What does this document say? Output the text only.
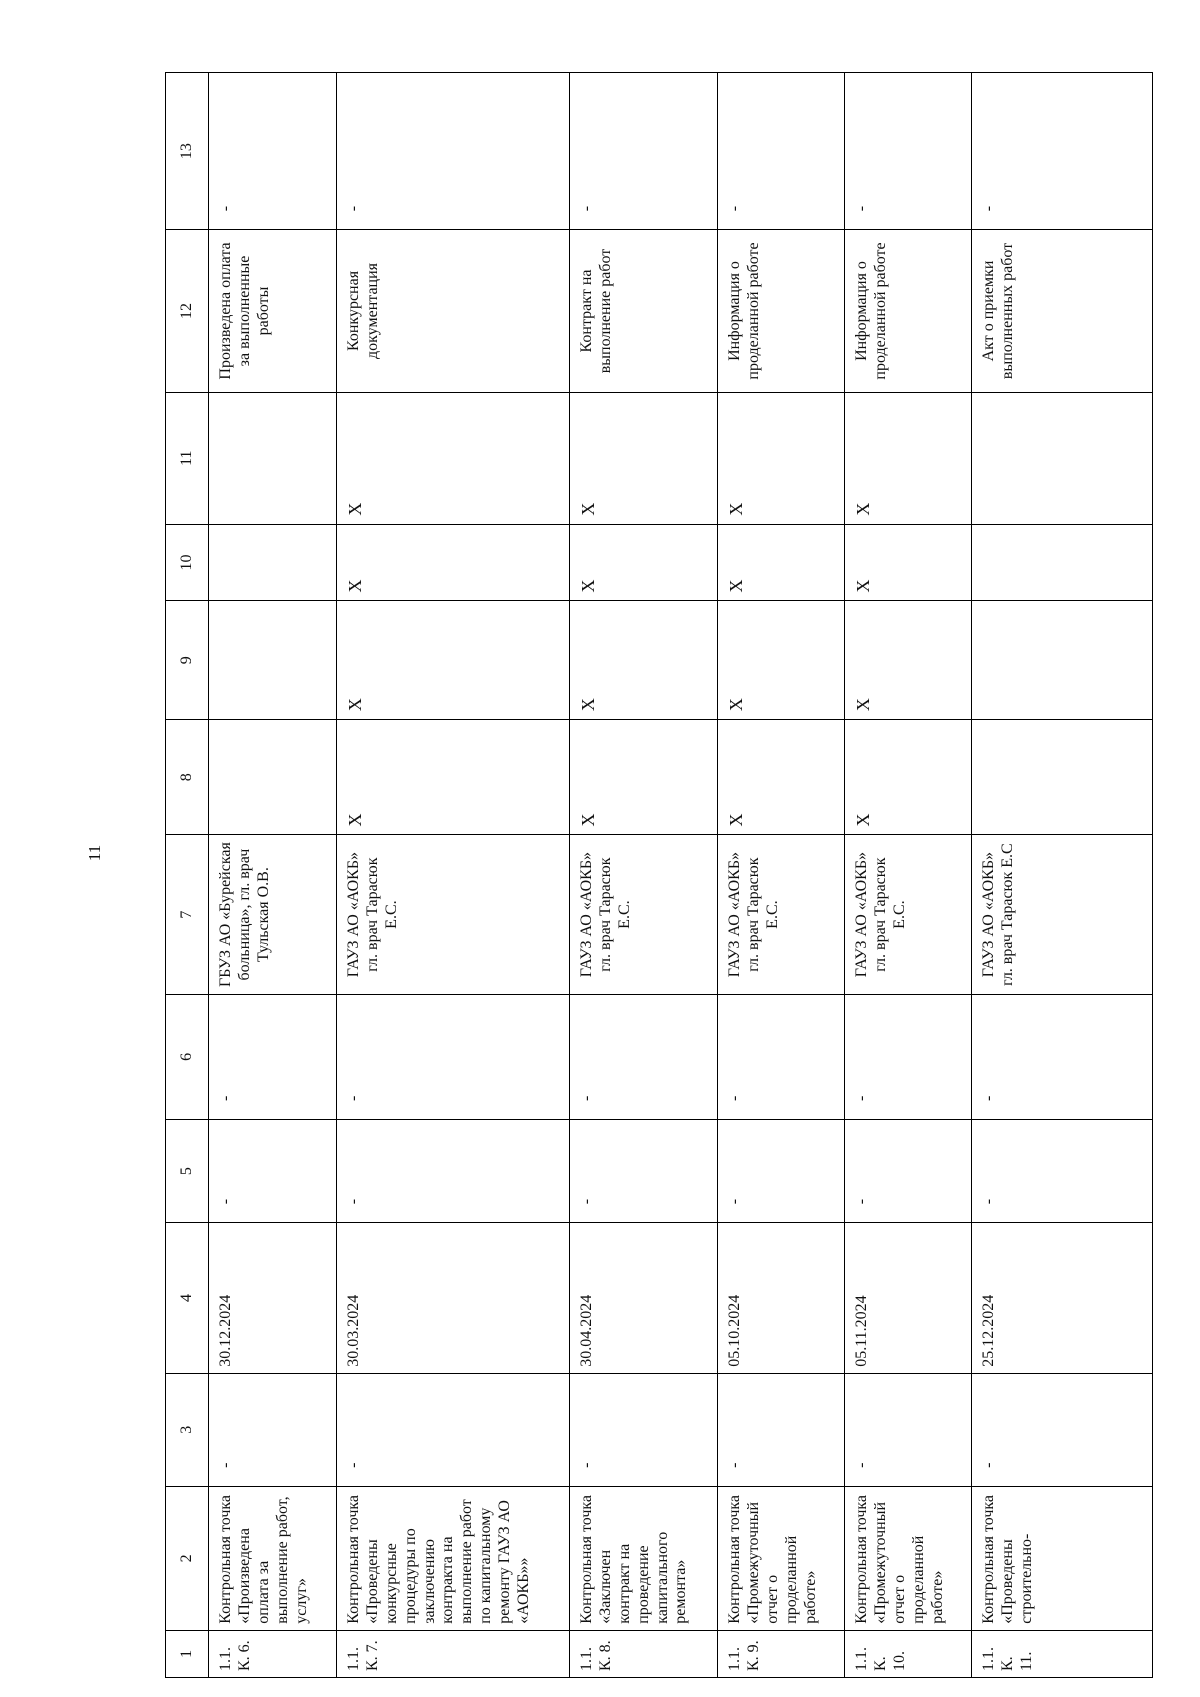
11
1	2	3	4	5	6	7	8	9	10	11	12	13
1.1.К. 6.	Контрольная точка «Произведена оплата за выполнение работ, услуг»	-	30.12.2024	-	-	ГБУЗ АО «Бурейская больница», гл. врач Тульская О.В.					Произведена оплата за выполненные работы	-
1.1.К. 7.	Контрольная точка «Проведены конкурсные процедуры по заключению контракта на выполнение работ по капитальному ремонту ГАУЗ АО «АОКБ»»	-	30.03.2024	-	-	ГАУЗ АО «АОКБ» гл. врач Тарасюк Е.С.	X	X	X	X	Конкурсная документация	-
1.1.К. 8.	Контрольная точка «Заключен контракт на проведение капитального ремонта»	-	30.04.2024	-	-	ГАУЗ АО «АОКБ» гл. врач Тарасюк Е.С.	X	X	X	X	Контракт на выполнение работ	-
1.1.К. 9.	Контрольная точка «Промежуточный отчет о проделанной работе»	-	05.10.2024	-	-	ГАУЗ АО «АОКБ» гл. врач Тарасюк Е.С.	X	X	X	X	Информация о проделанной работе	-
1.1.К. 10.	Контрольная точка «Промежуточный отчет о проделанной работе»	-	05.11.2024	-	-	ГАУЗ АО «АОКБ» гл. врач Тарасюк Е.С.	X	X	X	X	Информация о проделанной работе	-
1.1.К. 11.	Контрольная точка «Проведены строительно-	-	25.12.2024	-	-	ГАУЗ АО «АОКБ» гл. врач Тарасюк Е.С					Акт о приемки выполненных работ	-
